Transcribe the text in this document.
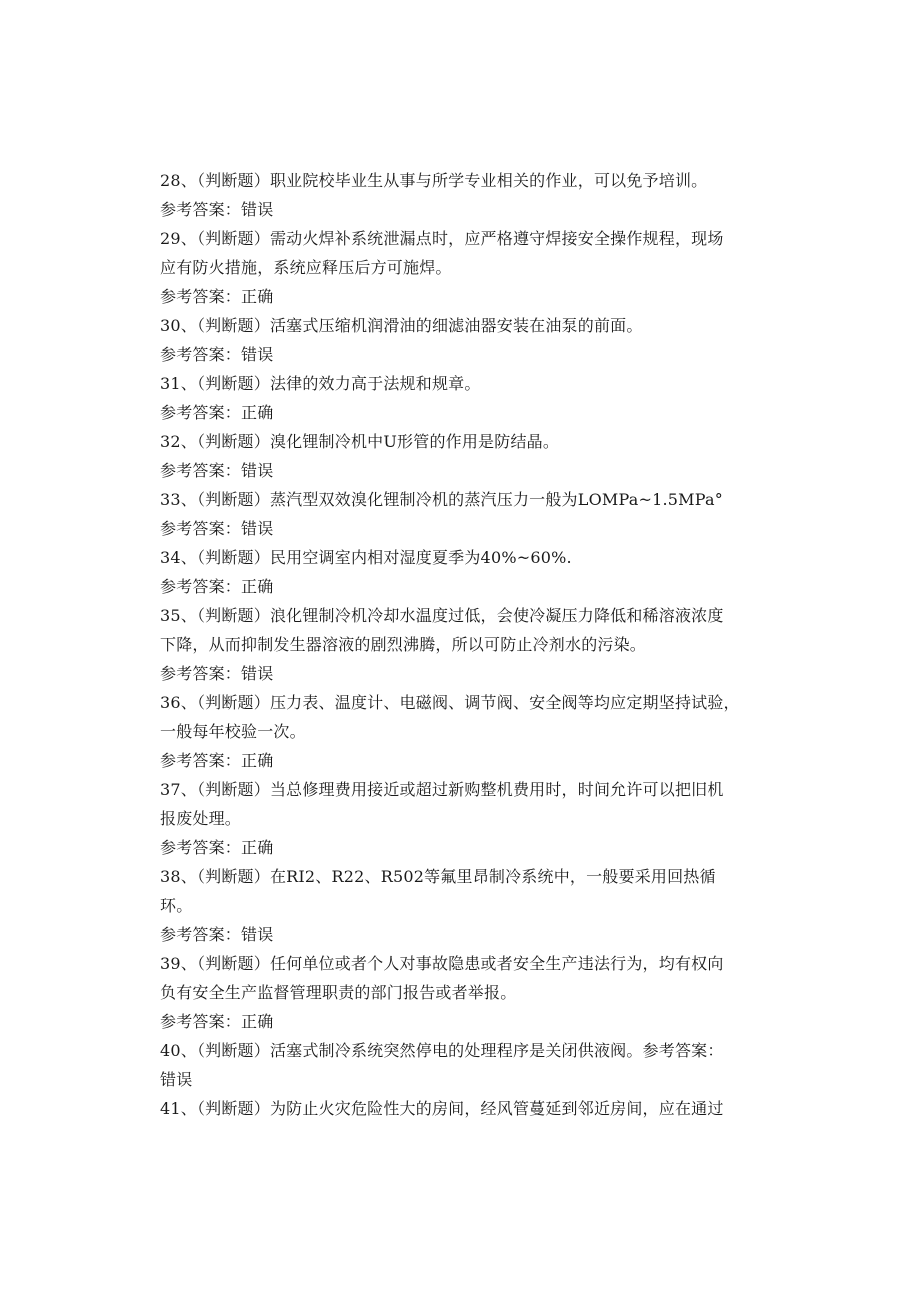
28、（判断题）职业院校毕业生从事与所学专业相关的作业，可以免予培训。
参考答案：错误
29、（判断题）需动火焊补系统泄漏点时，应严格遵守焊接安全操作规程，现场
应有防火措施，系统应释压后方可施焊。
参考答案：正确
30、（判断题）活塞式压缩机润滑油的细滤油器安装在油泵的前面。
参考答案：错误
31、（判断题）法律的效力高于法规和规章。
参考答案：正确
32、（判断题）溴化锂制冷机中U形管的作用是防结晶。
参考答案：错误
33、（判断题）蒸汽型双效溴化锂制冷机的蒸汽压力一般为LOMPa~1.5MPa°
参考答案：错误
34、（判断题）民用空调室内相对湿度夏季为40%~60%.
参考答案：正确
35、（判断题）浪化锂制冷机冷却水温度过低，会使冷凝压力降低和稀溶液浓度
下降，从而抑制发生器溶液的剧烈沸腾，所以可防止冷剂水的污染。
参考答案：错误
36、（判断题）压力表、温度计、电磁阀、调节阀、安全阀等均应定期坚持试验，
一般每年校验一次。
参考答案：正确
37、（判断题）当总修理费用接近或超过新购整机费用时，时间允许可以把旧机
报废处理。
参考答案：正确
38、（判断题）在RI2、R22、R502等氟里昂制冷系统中，一般要采用回热循
环。
参考答案：错误
39、（判断题）任何单位或者个人对事故隐患或者安全生产违法行为，均有权向
负有安全生产监督管理职责的部门报告或者举报。
参考答案：正确
40、（判断题）活塞式制冷系统突然停电的处理程序是关闭供液阀。参考答案：
错误
41、（判断题）为防止火灾危险性大的房间，经风管蔓延到邻近房间，应在通过
